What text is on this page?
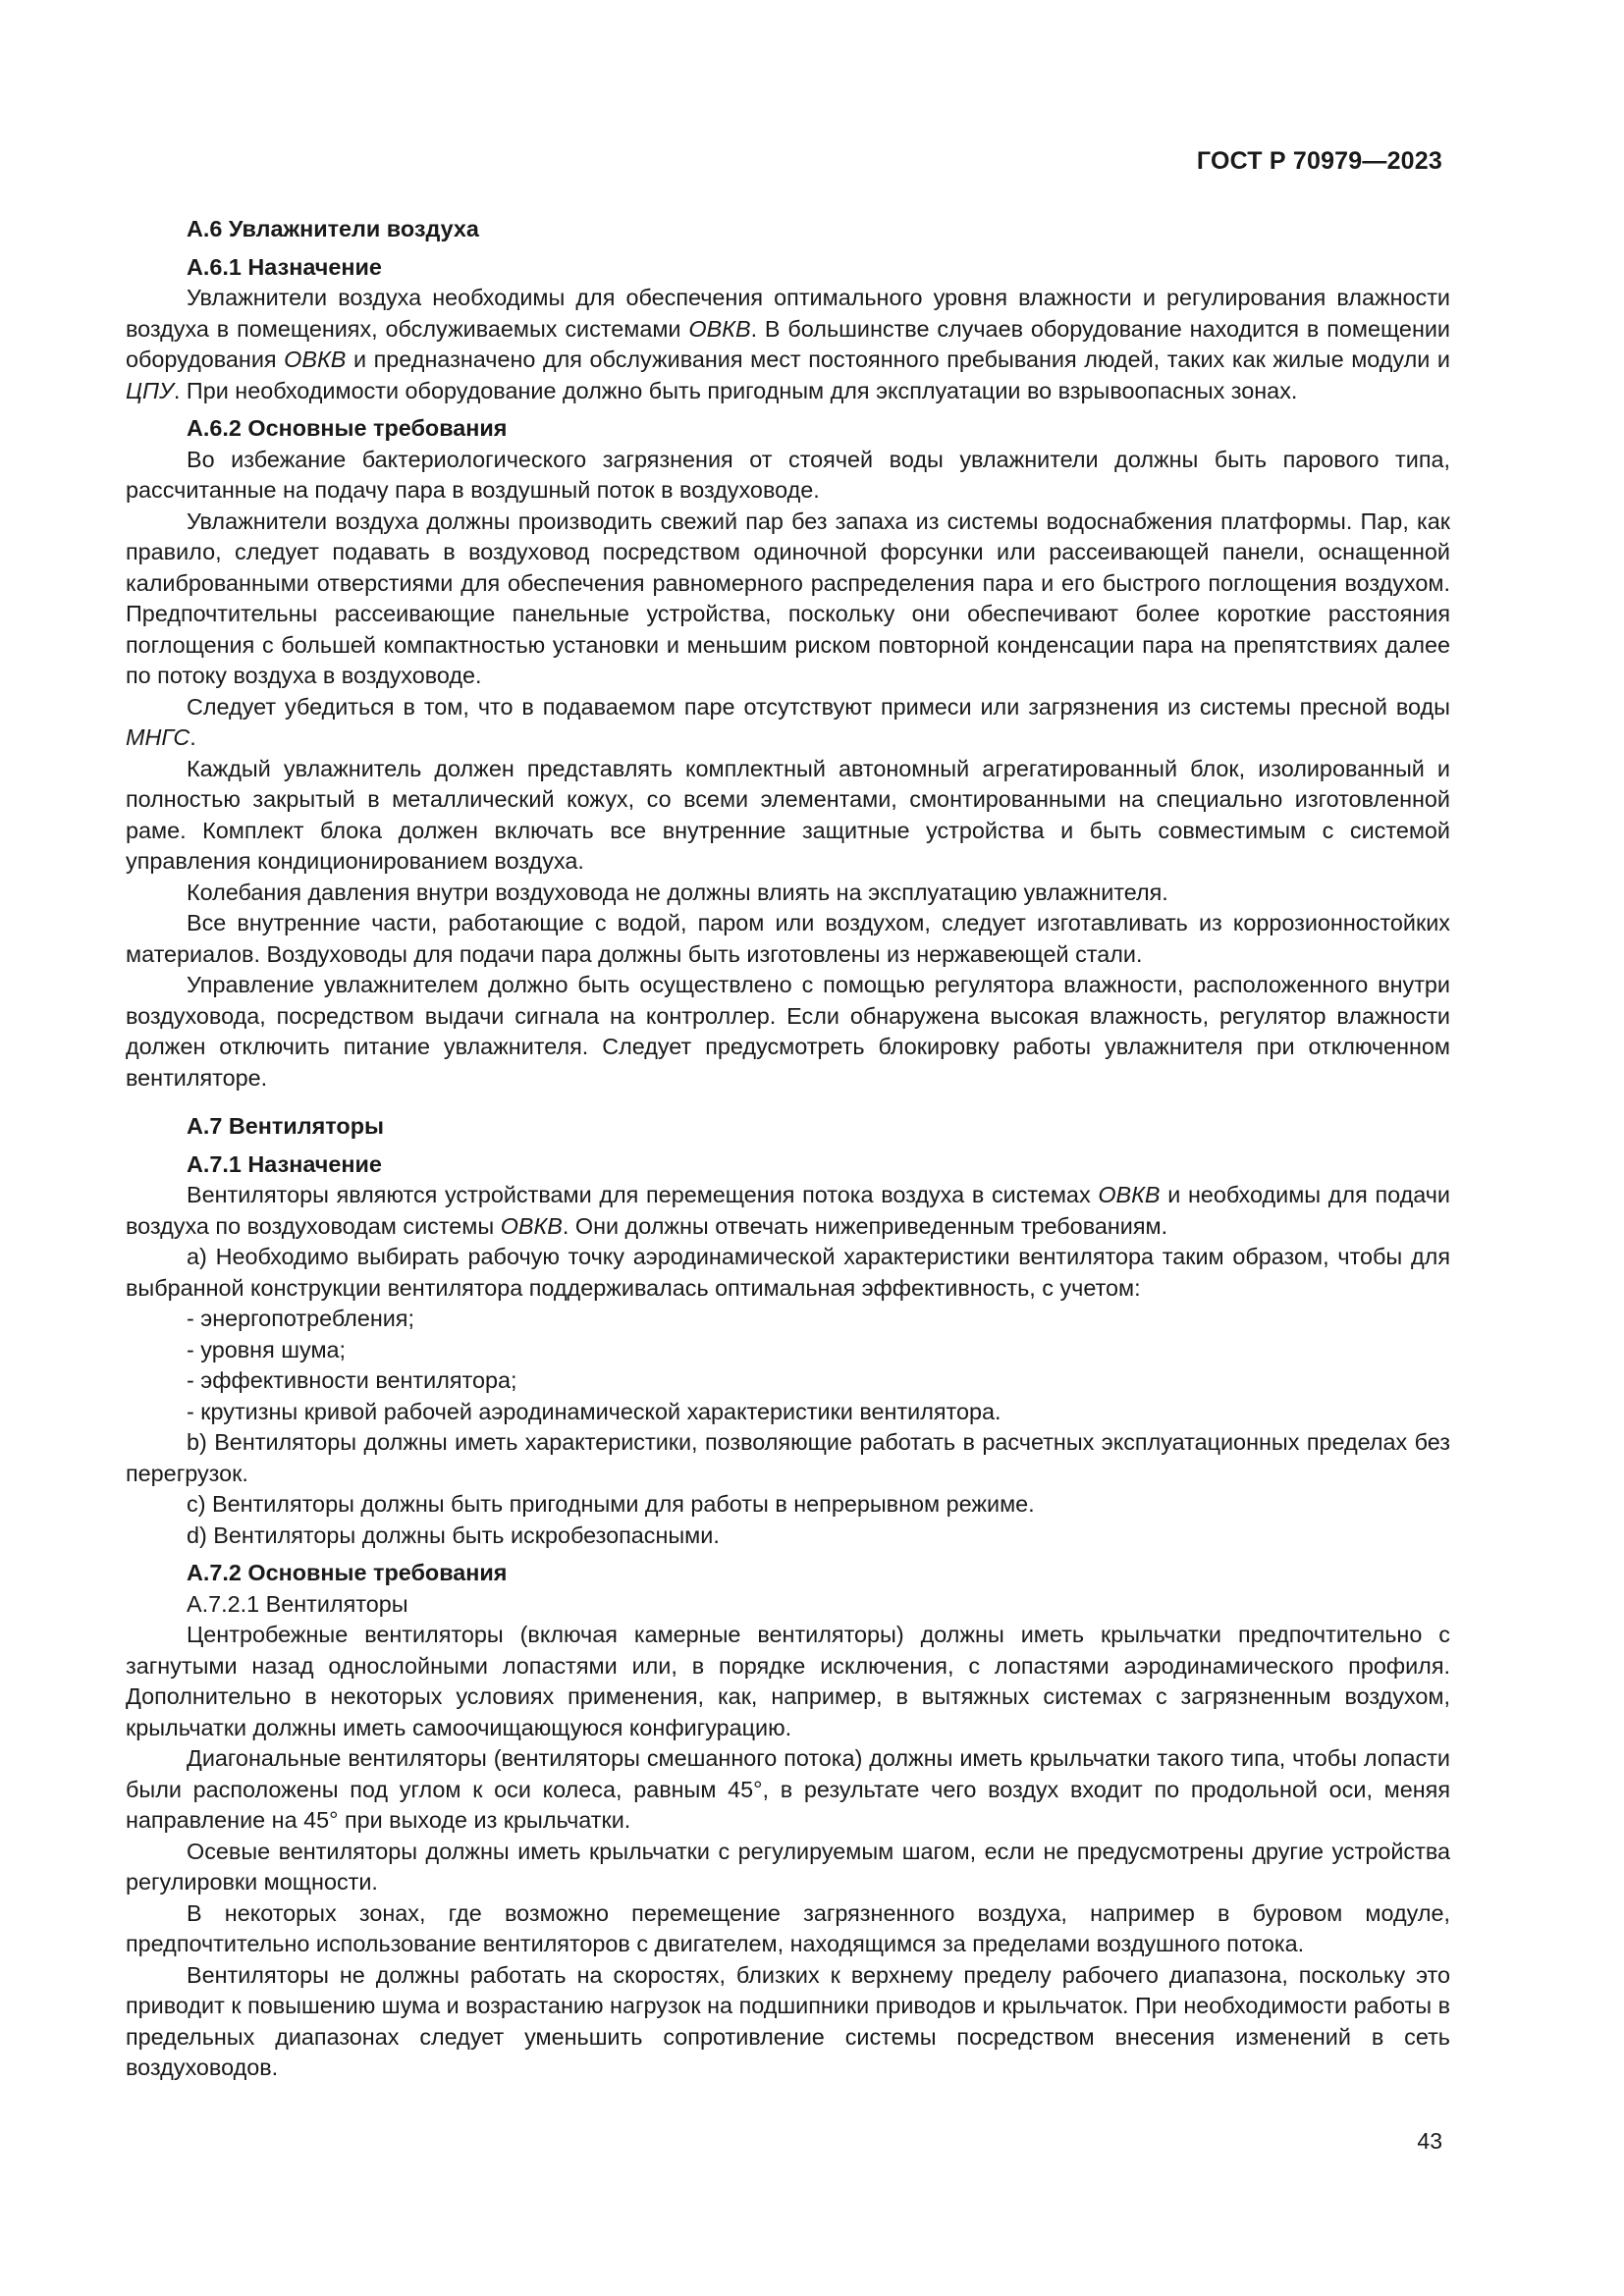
ГОСТ Р 70979—2023
А.6 Увлажнители воздуха
А.6.1 Назначение

Увлажнители воздуха необходимы для обеспечения оптимального уровня влажности и регулирования влажности воздуха в помещениях, обслуживаемых системами ОВКВ. В большинстве случаев оборудование находится в помещении оборудования ОВКВ и предназначено для обслуживания мест постоянного пребывания людей, таких как жилые модули и ЦПУ. При необходимости оборудование должно быть пригодным для эксплуатации во взрывоопасных зонах.

А.6.2 Основные требования

Во избежание бактериологического загрязнения от стоячей воды увлажнители должны быть парового типа, рассчитанные на подачу пара в воздушный поток в воздуховоде.

Увлажнители воздуха должны производить свежий пар без запаха из системы водоснабжения платформы. Пар, как правило, следует подавать в воздуховод посредством одиночной форсунки или рассеивающей панели, оснащенной калиброванными отверстиями для обеспечения равномерного распределения пара и его быстрого поглощения воздухом. Предпочтительны рассеивающие панельные устройства, поскольку они обеспечивают более короткие расстояния поглощения с большей компактностью установки и меньшим риском повторной конденсации пара на препятствиях далее по потоку воздуха в воздуховоде.

Следует убедиться в том, что в подаваемом паре отсутствуют примеси или загрязнения из системы пресной воды МНГС.

Каждый увлажнитель должен представлять комплектный автономный агрегатированный блок, изолированный и полностью закрытый в металлический кожух, со всеми элементами, смонтированными на специально изготовленной раме. Комплект блока должен включать все внутренние защитные устройства и быть совместимым с системой управления кондиционированием воздуха.

Колебания давления внутри воздуховода не должны влиять на эксплуатацию увлажнителя.

Все внутренние части, работающие с водой, паром или воздухом, следует изготавливать из коррозионностойких материалов. Воздуховоды для подачи пара должны быть изготовлены из нержавеющей стали.

Управление увлажнителем должно быть осуществлено с помощью регулятора влажности, расположенного внутри воздуховода, посредством выдачи сигнала на контроллер. Если обнаружена высокая влажность, регулятор влажности должен отключить питание увлажнителя. Следует предусмотреть блокировку работы увлажнителя при отключенном вентиляторе.

А.7 Вентиляторы
А.7.1 Назначение

Вентиляторы являются устройствами для перемещения потока воздуха в системах ОВКВ и необходимы для подачи воздуха по воздуховодам системы ОВКВ. Они должны отвечать нижеприведенным требованиям.

а) Необходимо выбирать рабочую точку аэродинамической характеристики вентилятора таким образом, чтобы для выбранной конструкции вентилятора поддерживалась оптимальная эффективность, с учетом:

- энергопотребления;
- уровня шума;
- эффективности вентилятора;
- крутизны кривой рабочей аэродинамической характеристики вентилятора.

b) Вентиляторы должны иметь характеристики, позволяющие работать в расчетных эксплуатационных пределах без перегрузок.

c) Вентиляторы должны быть пригодными для работы в непрерывном режиме.

d) Вентиляторы должны быть искробезопасными.

А.7.2 Основные требования
А.7.2.1 Вентиляторы

Центробежные вентиляторы (включая камерные вентиляторы) должны иметь крыльчатки предпочтительно с загнутыми назад однослойными лопастями или, в порядке исключения, с лопастями аэродинамического профиля. Дополнительно в некоторых условиях применения, как, например, в вытяжных системах с загрязненным воздухом, крыльчатки должны иметь самоочищающуюся конфигурацию.

Диагональные вентиляторы (вентиляторы смешанного потока) должны иметь крыльчатки такого типа, чтобы лопасти были расположены под углом к оси колеса, равным 45°, в результате чего воздух входит по продольной оси, меняя направление на 45° при выходе из крыльчатки.

Осевые вентиляторы должны иметь крыльчатки с регулируемым шагом, если не предусмотрены другие устройства регулировки мощности.

В некоторых зонах, где возможно перемещение загрязненного воздуха, например в буровом модуле, предпочтительно использование вентиляторов с двигателем, находящимся за пределами воздушного потока.

Вентиляторы не должны работать на скоростях, близких к верхнему пределу рабочего диапазона, поскольку это приводит к повышению шума и возрастанию нагрузок на подшипники приводов и крыльчаток. При необходимости работы в предельных диапазонах следует уменьшить сопротивление системы посредством внесения изменений в сеть воздуховодов.

43
